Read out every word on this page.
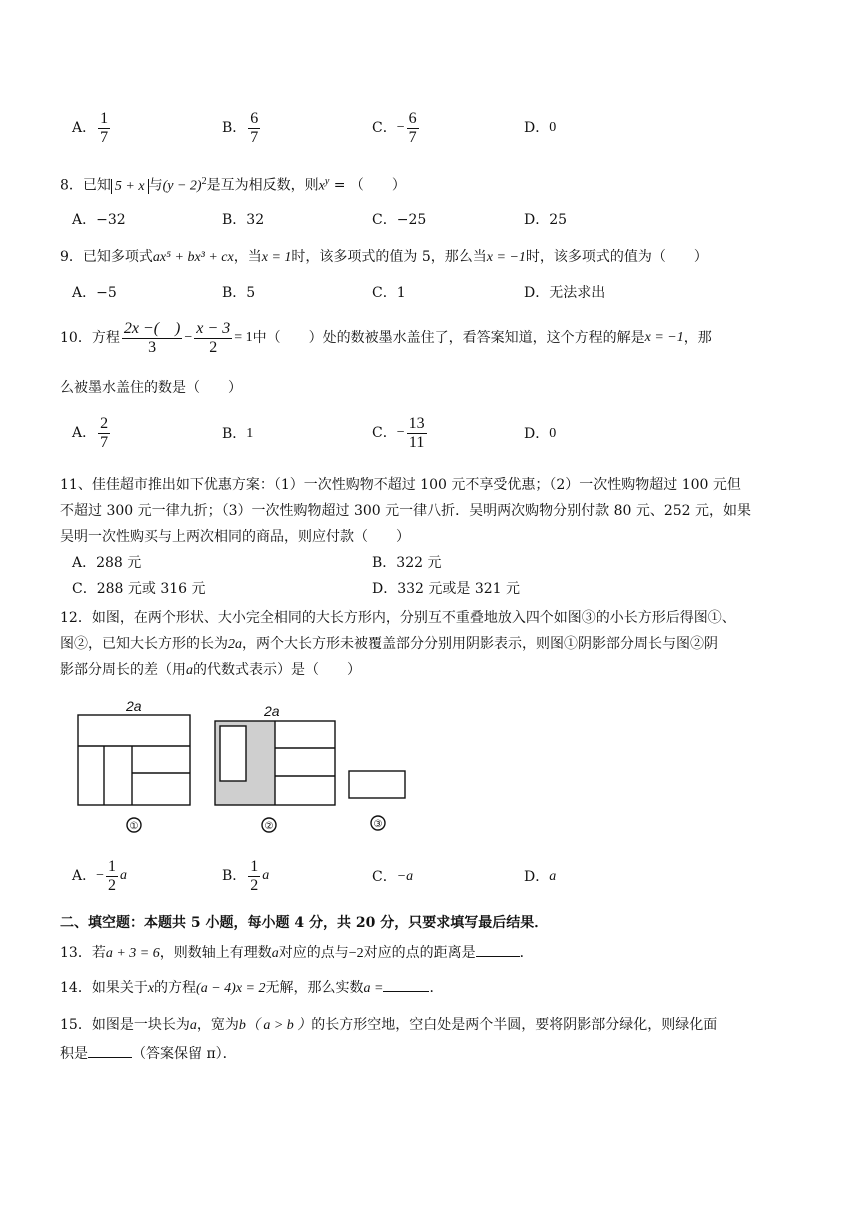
A． $\frac{1}{7}$	B． $\frac{6}{7}$	C． − $\frac{6}{7}$	D． 0
8．已知 5 + x 与$(y - 2)^2$是互为相反数，则$x^y$ = （　　）
A．−32	B．32	C．−25	D．25
9．已知多项式ax⁵ + bx³ + cx，当x = 1时，该多项式的值为 5，那么当x = −1时，该多项式的值为（　　）
A．−5	B．5	C．1	D．无法求出
10． 方程 $\frac{2x -( )}{3} - \frac{x - 3}{2} = 1$ 中（　　）处的数被墨水盖住了，看答案知道，这个方程的解是 x = −1 ，那
么被墨水盖住的数是（　　）
A． $\frac{2}{7}$	B． 1	C． − $\frac{13}{11}$	D． 0
11、佳佳超市推出如下优惠方案：（1）一次性购物不超过 100 元不享受优惠；（2）一次性购物超过 100 元但
不超过 300 元一律九折；（3）一次性购物超过 300 元一律八折．吴明两次购物分别付款 80 元、252 元，如果
吴明一次性购买与上两次相同的商品，则应付款（　　）
A．288 元	B．322 元
C．288 元或 316 元	D．332 元或是 321 元
12．如图，在两个形状、大小完全相同的大长方形内，分别互不重叠地放入四个如图③的小长方形后得图①、
图②，已知大长方形的长为2a，两个大长方形未被覆盖部分分别用阴影表示，则图①阴影部分周长与图②阴
影部分周长的差（用a的代数式表示）是（　　）
2a	2a
①	②	③
A． − $\frac{1}{2}$ a	B． $\frac{1}{2}$ a	C． −a	D． a
二、填空题：本题共 5 小题，每小题 4 分，共 20 分，只要求填写最后结果．
13．若a + 3 = 6，则数轴上有理数a对应的点与−2对应的点的距离是	．
14．如果关于x的方程(a − 4)x = 2无解，那么实数a =	．
15．如图是一块长为a，宽为b（ a > b ）的长方形空地，空白处是两个半圆，要将阴影部分绿化，则绿化面
积是	（答案保留 π）．
